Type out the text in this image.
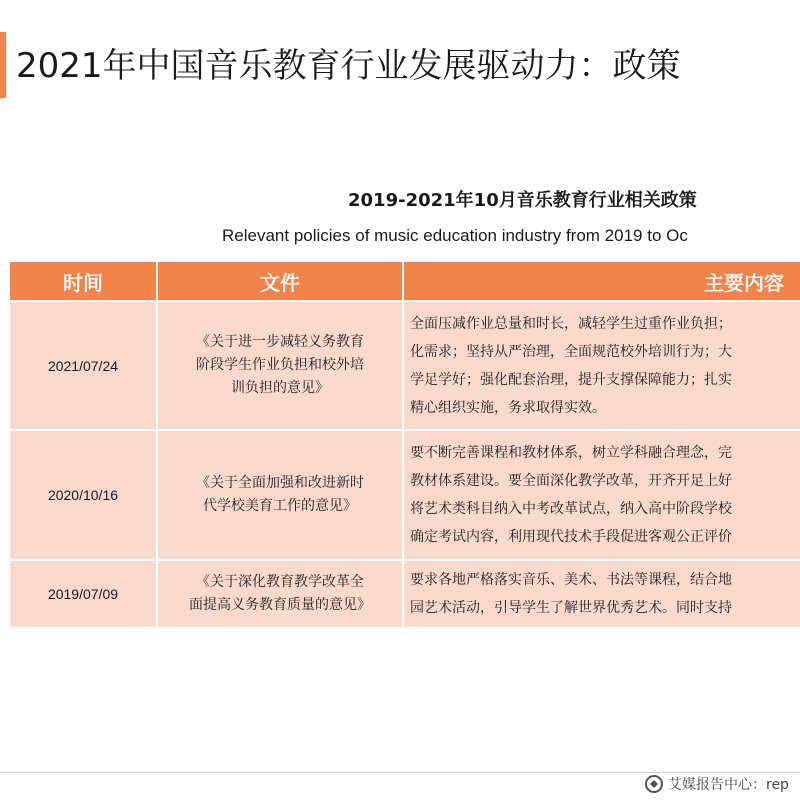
2021年中国音乐教育行业发展驱动力：政策
2019-2021年10月音乐教育行业相关政策
Relevant policies of music education industry from 2019 to Oc
时间	文件	主要内容
2021/07/24	《关于进一步减轻义务教育
阶段学生作业负担和校外培
训负担的意见》	全面压减作业总量和时长，减轻学生过重作业负担；
化需求；坚持从严治理，全面规范校外培训行为；大
学足学好；强化配套治理，提升支撑保障能力；扎实
精心组织实施，务求取得实效。

2020/10/16	《关于全面加强和改进新时
代学校美育工作的意见》	要不断完善课程和教材体系，树立学科融合理念，完
教材体系建设。要全面深化教学改革，开齐开足上好
将艺术类科目纳入中考改革试点，纳入高中阶段学校
确定考试内容，利用现代技术手段促进客观公正评价

2019/07/09	《关于深化教育教学改革全
面提高义务教育质量的意见》	要求各地严格落实音乐、美术、书法等课程，结合地
园艺术活动，引导学生了解世界优秀艺术。同时支持
艾媒报告中心：rep
